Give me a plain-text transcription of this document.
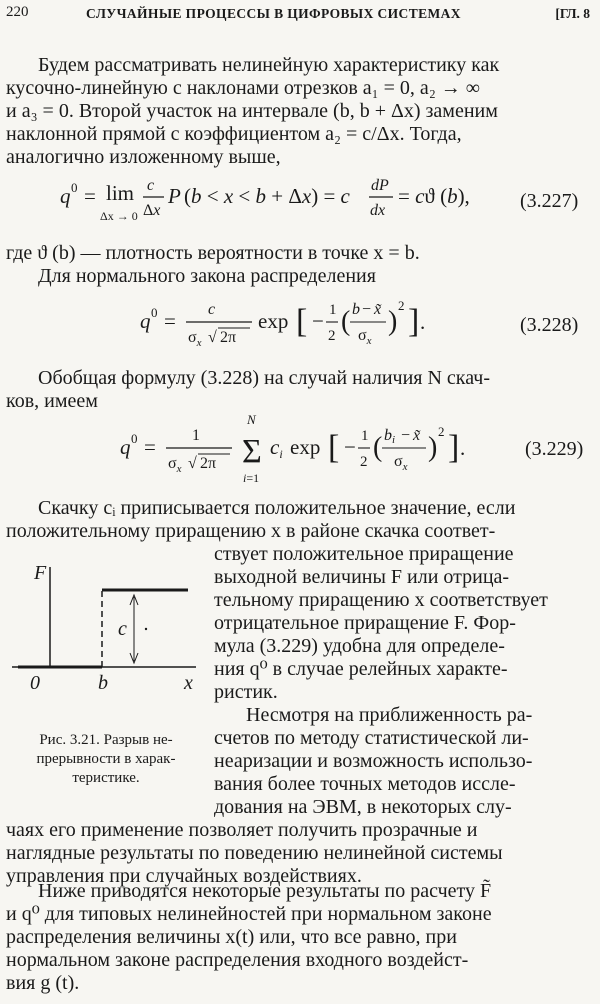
220	СЛУЧАЙНЫЕ ПРОЦЕССЫ В ЦИФРОВЫХ СИСТЕМАХ	[ГЛ. 8
Будем рассматривать нелинейную характеристику как
кусочно-линейную с наклонами отрезков a₁ = 0, a₂ → ∞
и a₃ = 0. Второй участок на интервале (b, b + Δx) заменим
наклонной прямой с коэффициентом a₂ = c/Δx. Тогда,
аналогично изложенному выше,
q 0 = lim
Δx → 0
c
Δx
P (b < x < b + Δx) = c dP
dx
= cϑ (b),	(3.227)
где ϑ (b) — плотность вероятности в точке x = b.
Для нормального закона распределения
q 0 = c
$\sigma_x$ √ 2π
exp [ − 1
2 ( b − x̃
$\sigma_x$
)
2 ] .	(3.228)
Обобщая формулу (3.228) на случай наличия N скач-
ков, имеем
q 0 = 1
$\sigma_x$ √ 2π
N
Σ
i=1
ci exp [ − 1
2 ( bi − x̃
$\sigma_x$
)
2 ] .	(3.229)
Скачку cᵢ приписывается положительное значение, если
положительному приращению x в районе скачка соответ-
ствует положительное приращение
выходной величины F или отрица-
тельному приращению x соответствует
отрицательное приращение F. Фор-
мула (3.229) удобна для определе-
ния q⁰ в случае релейных характе-
ристик.
Несмотря на приближенность ра-
счетов по методу статистической ли-
неаризации и возможность использо-
вания более точных методов иссле-
дования на ЭВМ, в некоторых слу-
F
x
0	b
c
Рис. 3.21. Разрыв не-
прерывности в харак-
теристике.
чаях его применение позволяет получить прозрачные и
наглядные результаты по поведению нелинейной системы
управления при случайных воздействиях.
Ниже приводятся некоторые результаты по расчету F̃
и q⁰ для типовых нелинейностей при нормальном законе
распределения величины x(t) или, что все равно, при
нормальном законе распределения входного воздейст-
вия g (t).
